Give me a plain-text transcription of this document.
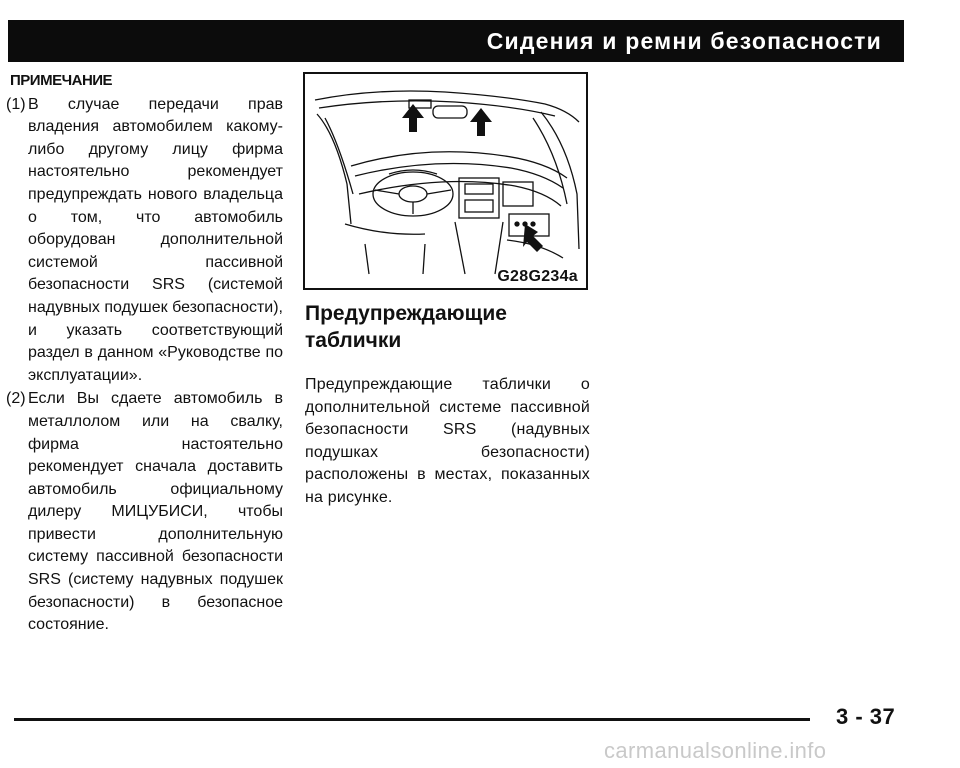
Сидения и ремни безопасности
ПРИМЕЧАНИЕ
(1) В случае передачи прав владения автомобилем какому-либо другому лицу фирма настоятельно рекомендует предупреждать нового владельца о том, что автомобиль оборудован дополнительной системой пассивной безопасности SRS (системой надувных подушек безопасности), и указать соответствующий раздел в данном «Руководстве по эксплуатации».
(2) Если Вы сдаете автомобиль в металлолом или на свалку, фирма настоятельно рекомендует сначала доставить автомобиль официальному дилеру МИЦУБИСИ, чтобы привести дополнительную систему пассивной безопасности SRS (систему надувных подушек безопасности) в безопасное состояние.
G28G234a
Предупреждающие таблички
Предупреждающие таблички о дополнительной системе пассивной безопасности SRS (надувных подушках безопасности) расположены в местах, показанных на рисунке.
3 - 37
carmanualsonline.info
